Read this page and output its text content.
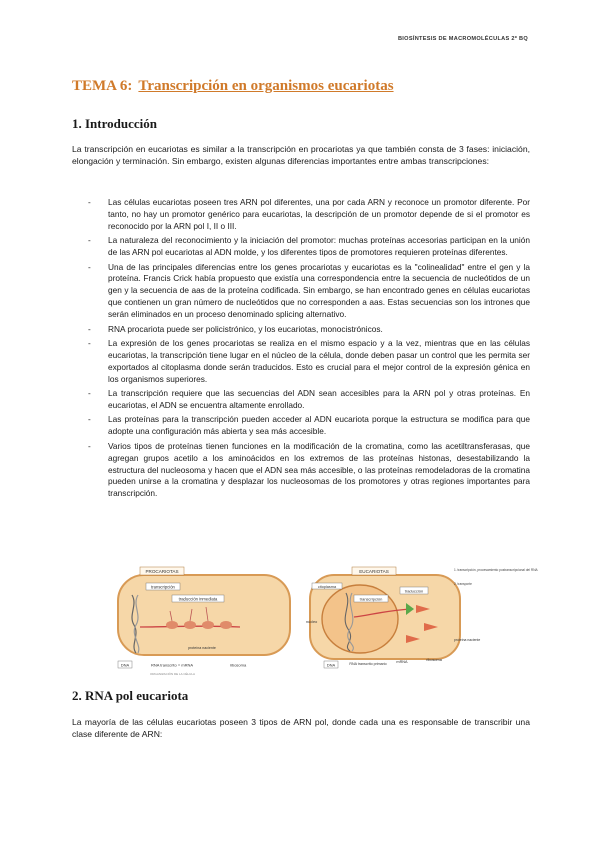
BIOSÍNTESIS DE MACROMOLÉCULAS 2º BQ
TEMA 6: Transcripción en organismos eucariotas
1. Introducción

La transcripción en eucariotas es similar a la transcripción en procariotas ya que también consta de 3 fases: iniciación, elongación y terminación. Sin embargo, existen algunas diferencias importantes entre ambas transcripciones:

- Las células eucariotas poseen tres ARN pol diferentes, una por cada ARN y reconoce un promotor diferente. Por tanto, no hay un promotor genérico para eucariotas, la descripción de un promotor depende de si el promotor es reconocido por la ARN pol I, II o III.
- La naturaleza del reconocimiento y la iniciación del promotor: muchas proteínas accesorias participan en la unión de las ARN pol eucariotas al ADN molde, y los diferentes tipos de promotores requieren proteínas diferentes.
- Una de las principales diferencias entre los genes procariotas y eucariotas es la "colinealidad" entre el gen y la proteína. Francis Crick había propuesto que existía una correspondencia entre la secuencia de nucleótidos de un gen y la secuencia de aas de la proteína codificada. Sin embargo, se han encontrado genes en células eucariotas que contienen un gran número de nucleótidos que no corresponden a aas. Estas secuencias son los intrones que serán eliminados en un proceso denominado splicing alternativo.
- RNA procariota puede ser policistrónico, y los eucariotas, monocistrónicos.
- La expresión de los genes procariotas se realiza en el mismo espacio y a la vez, mientras que en las células eucariotas, la transcripción tiene lugar en el núcleo de la célula, donde deben pasar un control que les permita ser exportados al citoplasma donde serán traducidos. Esto es crucial para el mejor control de la expresión génica en los organismos superiores.
- La transcripción requiere que las secuencias del ADN sean accesibles para la ARN pol y otras proteínas. En eucariotas, el ADN se encuentra altamente enrollado.
- Las proteínas para la transcripción pueden acceder al ADN eucariota porque la estructura se modifica para que adopte una configuración más abierta y sea más accesible.
- Varios tipos de proteínas tienen funciones en la modificación de la cromatina, como las acetiltransferasas, que agregan grupos acetilo a los aminoácidos en los extremos de las proteínas histonas, desestabilizando la estructura del nucleosoma y hacen que el ADN sea más accesible, o las proteínas remodeladoras de la cromatina pueden unirse a la cromatina y desplazar los nucleosomas de los promotores y otras regiones importantes para transcripción.
PROCARIOTAS
transcripción
traducción inmediata
DNA	RNA transcrito = mRNA	ribosoma
proteína naciente
ORGANIZACIÓN DE LA CÉLULA
EUCARIOTAS
citoplasma
transcripción
traducción
núcleo
DNA	RNA transcrito primario	mRNA	ribosoma
proteína naciente
1. transcripción, procesamiento postranscripcional del RNA
2. transporte
2. RNA pol eucariota

La mayoría de las células eucariotas poseen 3 tipos de ARN pol, donde cada una es responsable de transcribir una clase diferente de ARN:
